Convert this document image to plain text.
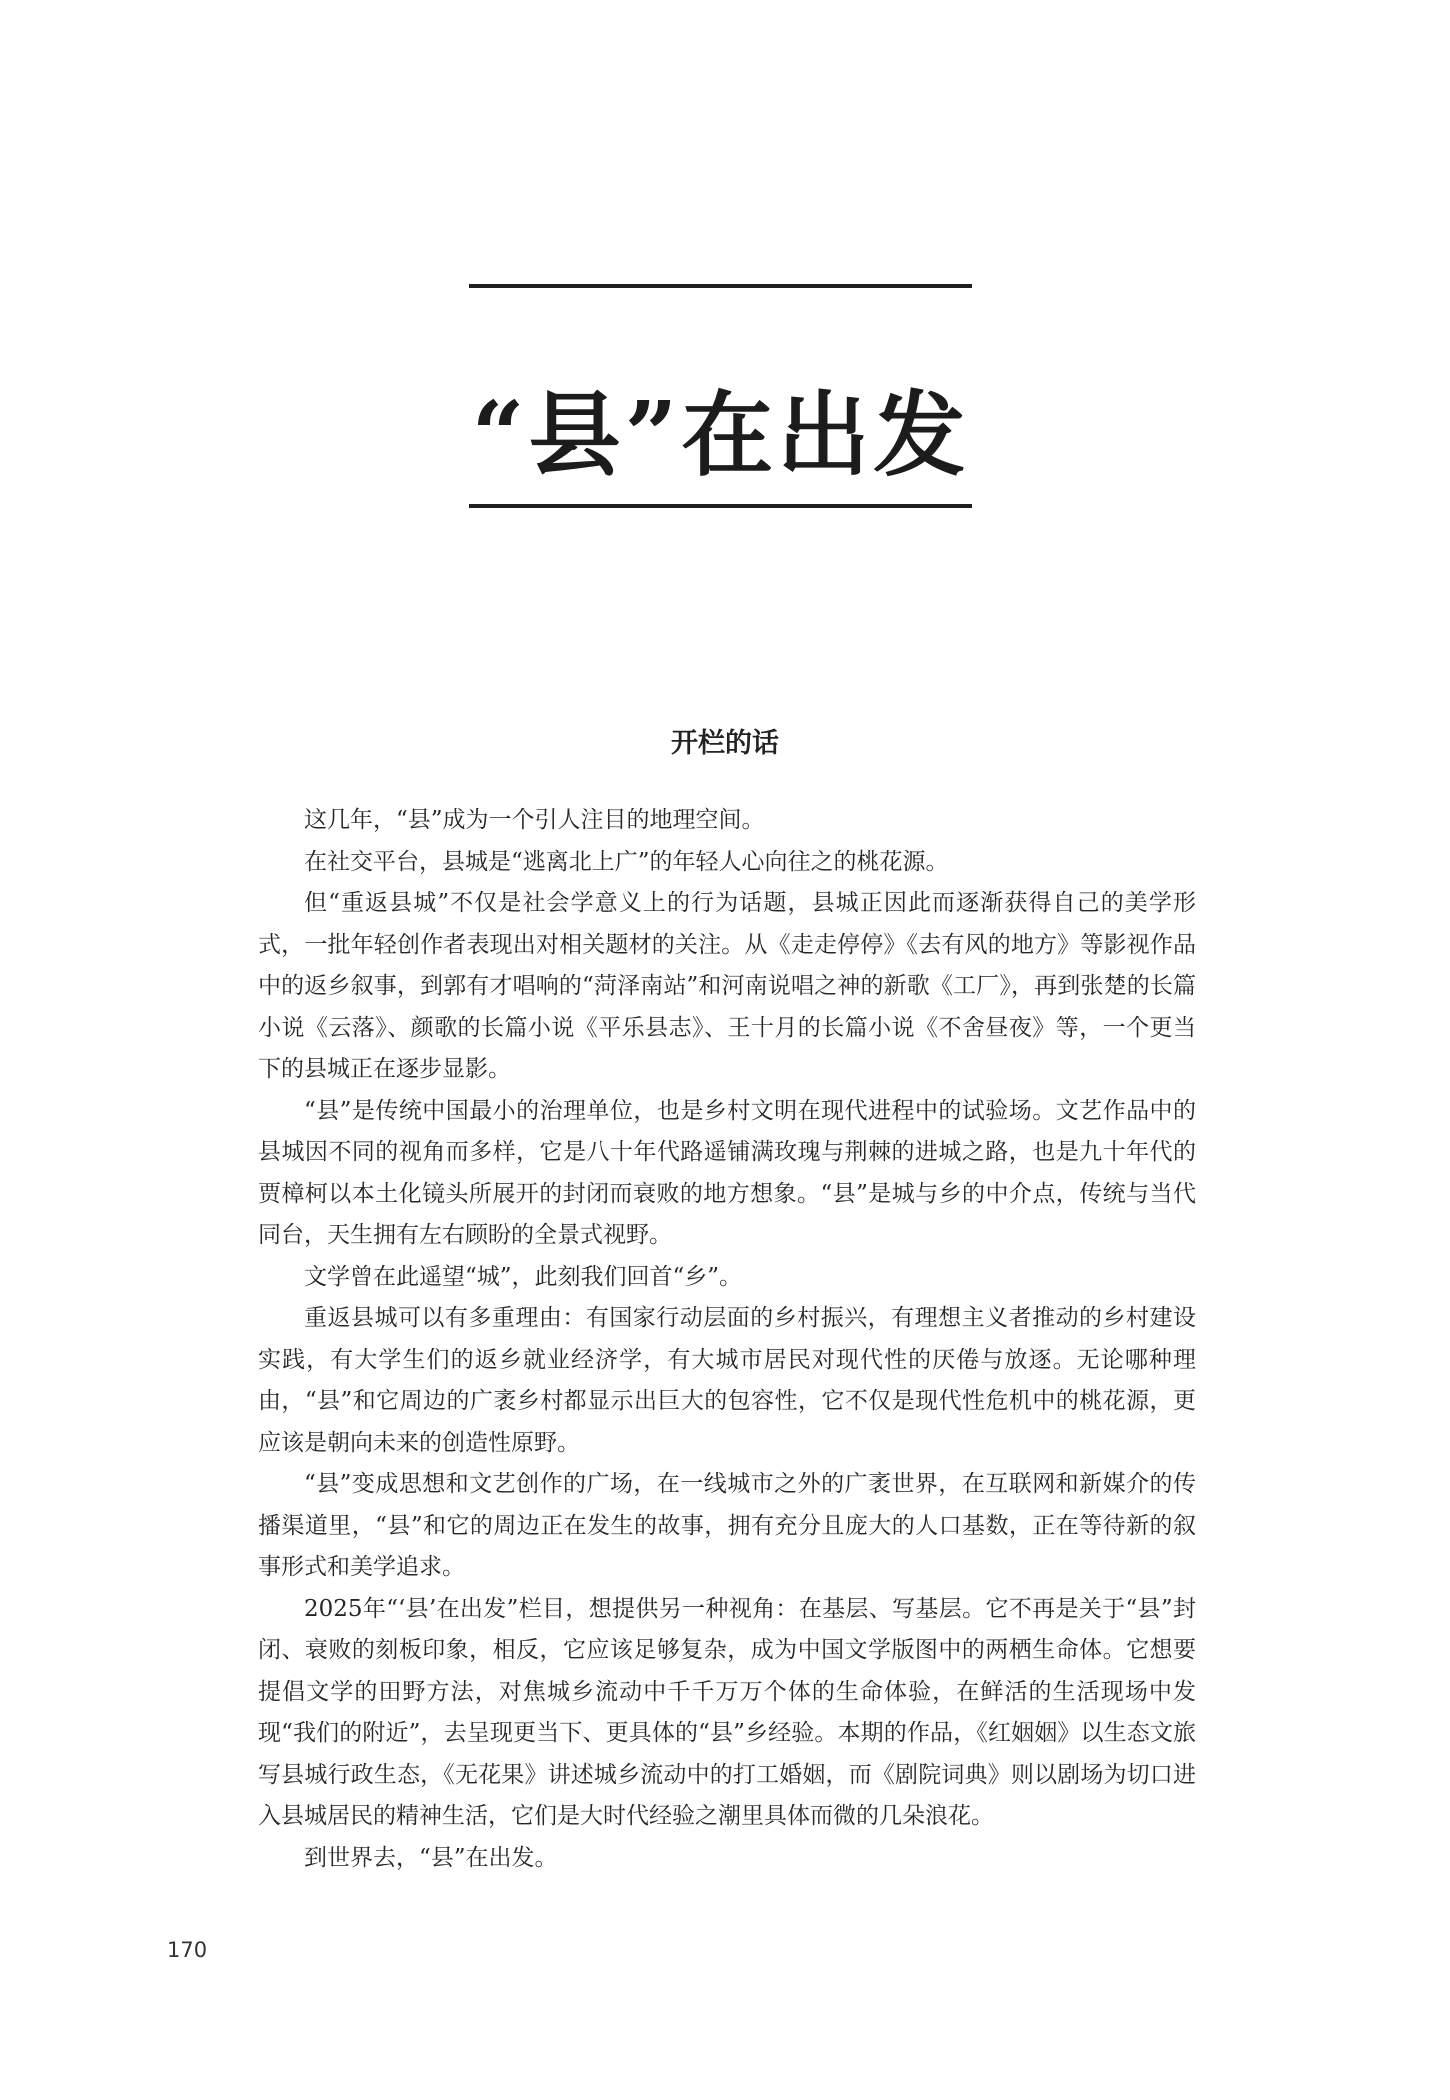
“县”在出发
开栏的话

这几年，“县”成为一个引人注目的地理空间。

在社交平台，县城是“逃离北上广”的年轻人心向往之的桃花源。

但“重返县城”不仅是社会学意义上的行为话题，县城正因此而逐渐获得自己的美学形式，一批年轻创作者表现出对相关题材的关注。从《走走停停》《去有风的地方》等影视作品中的返乡叙事，到郭有才唱响的“菏泽南站”和河南说唱之神的新歌《工厂》，再到张楚的长篇小说《云落》、颜歌的长篇小说《平乐县志》、王十月的长篇小说《不舍昼夜》等，一个更当下的县城正在逐步显影。

“县”是传统中国最小的治理单位，也是乡村文明在现代进程中的试验场。文艺作品中的县城因不同的视角而多样，它是八十年代路遥铺满玫瑰与荆棘的进城之路，也是九十年代的贾樟柯以本土化镜头所展开的封闭而衰败的地方想象。“县”是城与乡的中介点，传统与当代同台，天生拥有左右顾盼的全景式视野。

文学曾在此遥望“城”，此刻我们回首“乡”。

重返县城可以有多重理由：有国家行动层面的乡村振兴，有理想主义者推动的乡村建设实践，有大学生们的返乡就业经济学，有大城市居民对现代性的厌倦与放逐。无论哪种理由，“县”和它周边的广袤乡村都显示出巨大的包容性，它不仅是现代性危机中的桃花源，更应该是朝向未来的创造性原野。

“县”变成思想和文艺创作的广场，在一线城市之外的广袤世界，在互联网和新媒介的传播渠道里，“县”和它的周边正在发生的故事，拥有充分且庞大的人口基数，正在等待新的叙事形式和美学追求。

2025年“‘县’在出发”栏目，想提供另一种视角：在基层、写基层。它不再是关于“县”封闭、衰败的刻板印象，相反，它应该足够复杂，成为中国文学版图中的两栖生命体。它想要提倡文学的田野方法，对焦城乡流动中千千万万个体的生命体验，在鲜活的生活现场中发现“我们的附近”，去呈现更当下、更具体的“县”乡经验。本期的作品，《红姻姻》以生态文旅写县城行政生态，《无花果》讲述城乡流动中的打工婚姻，而《剧院词典》则以剧场为切口进入县城居民的精神生活，它们是大时代经验之潮里具体而微的几朵浪花。

到世界去，“县”在出发。

170
